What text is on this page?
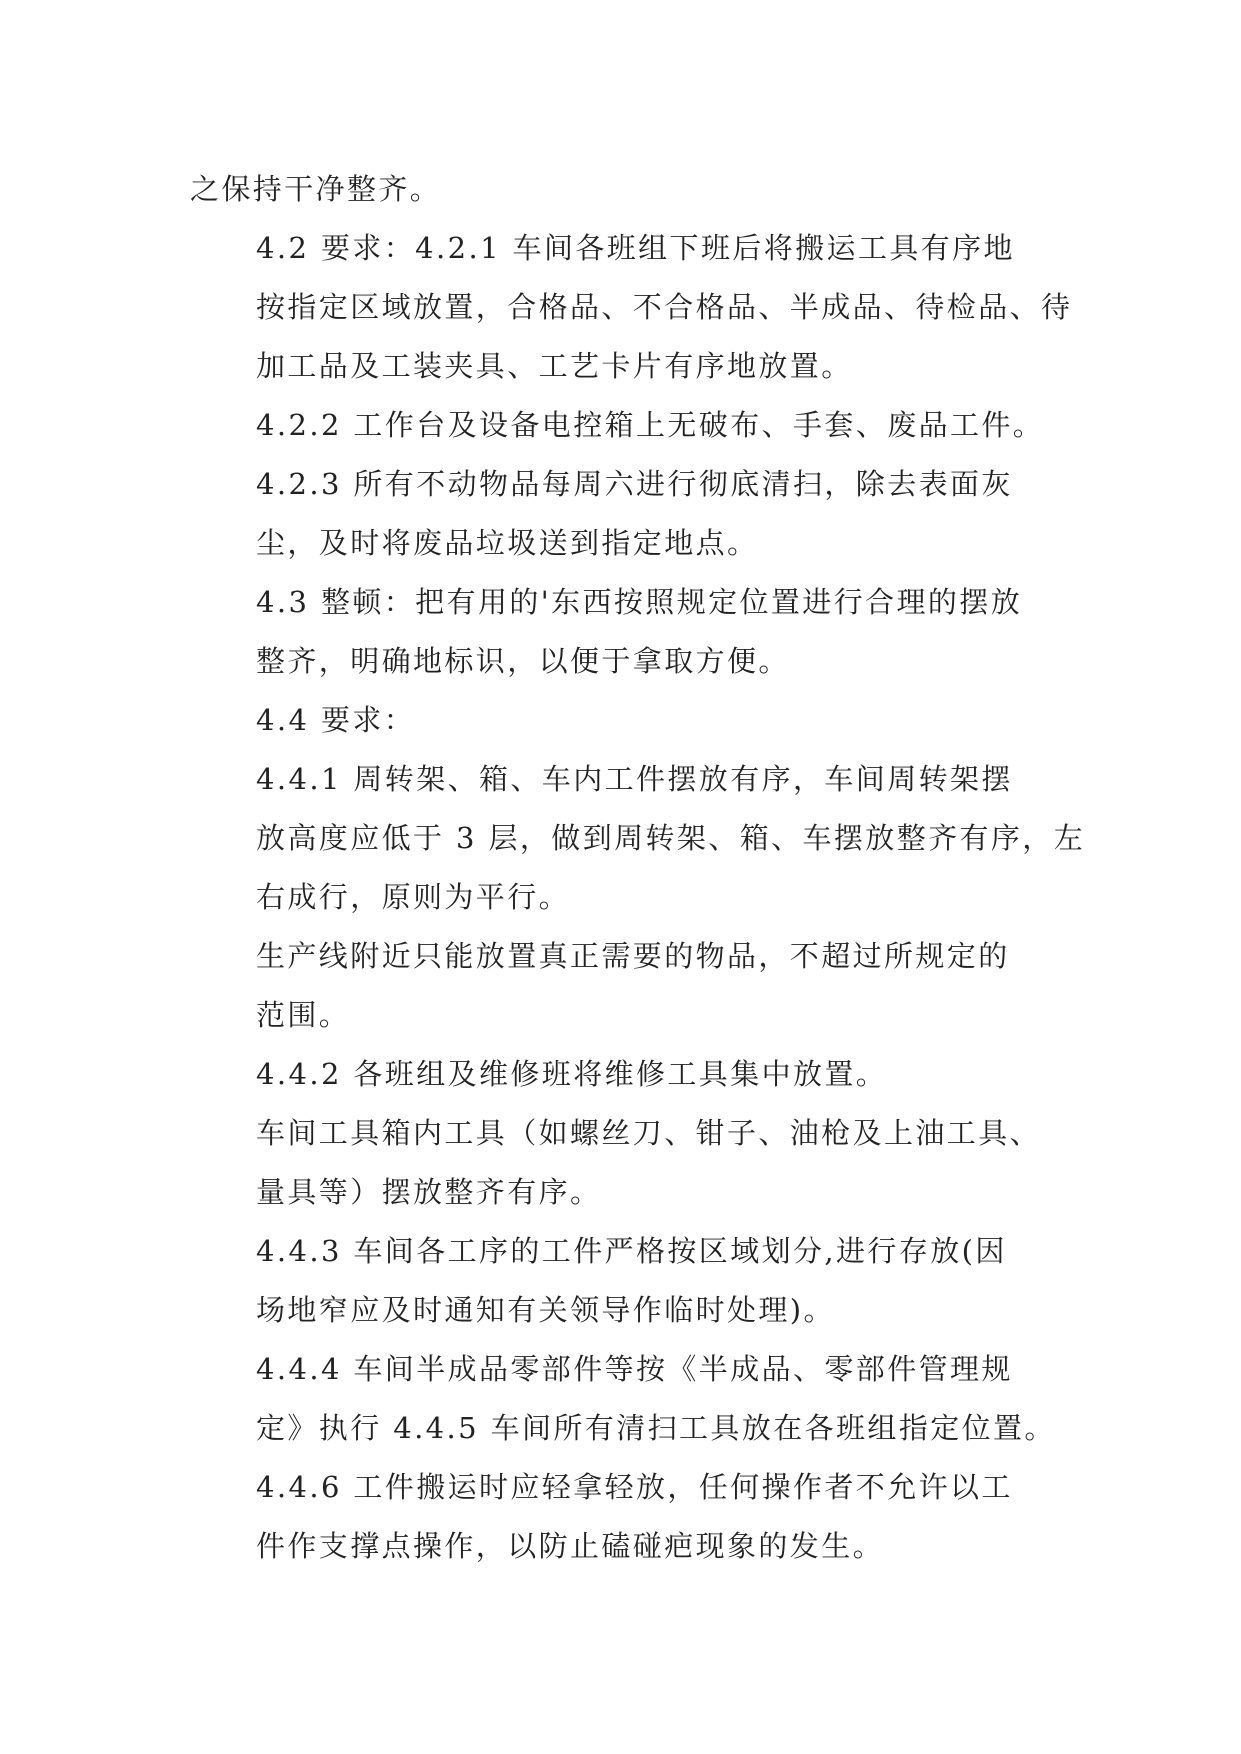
之保持干净整齐。

4.2 要求：4.2.1 车间各班组下班后将搬运工具有序地
按指定区域放置，合格品、不合格品、半成品、待检品、待
加工品及工装夹具、工艺卡片有序地放置。

4.2.2 工作台及设备电控箱上无破布、手套、废品工件。

4.2.3 所有不动物品每周六进行彻底清扫，除去表面灰
尘，及时将废品垃圾送到指定地点。

4.3 整顿：把有用的'东西按照规定位置进行合理的摆放
整齐，明确地标识，以便于拿取方便。

4.4 要求：

4.4.1 周转架、箱、车内工件摆放有序，车间周转架摆
放高度应低于 3 层，做到周转架、箱、车摆放整齐有序，左
右成行，原则为平行。

生产线附近只能放置真正需要的物品，不超过所规定的
范围。

4.4.2 各班组及维修班将维修工具集中放置。

车间工具箱内工具（如螺丝刀、钳子、油枪及上油工具、
量具等）摆放整齐有序。

4.4.3 车间各工序的工件严格按区域划分,进行存放(因
场地窄应及时通知有关领导作临时处理)。

4.4.4 车间半成品零部件等按《半成品、零部件管理规
定》执行 4.4.5 车间所有清扫工具放在各班组指定位置。

4.4.6 工件搬运时应轻拿轻放，任何操作者不允许以工
件作支撑点操作，以防止磕碰疤现象的发生。
